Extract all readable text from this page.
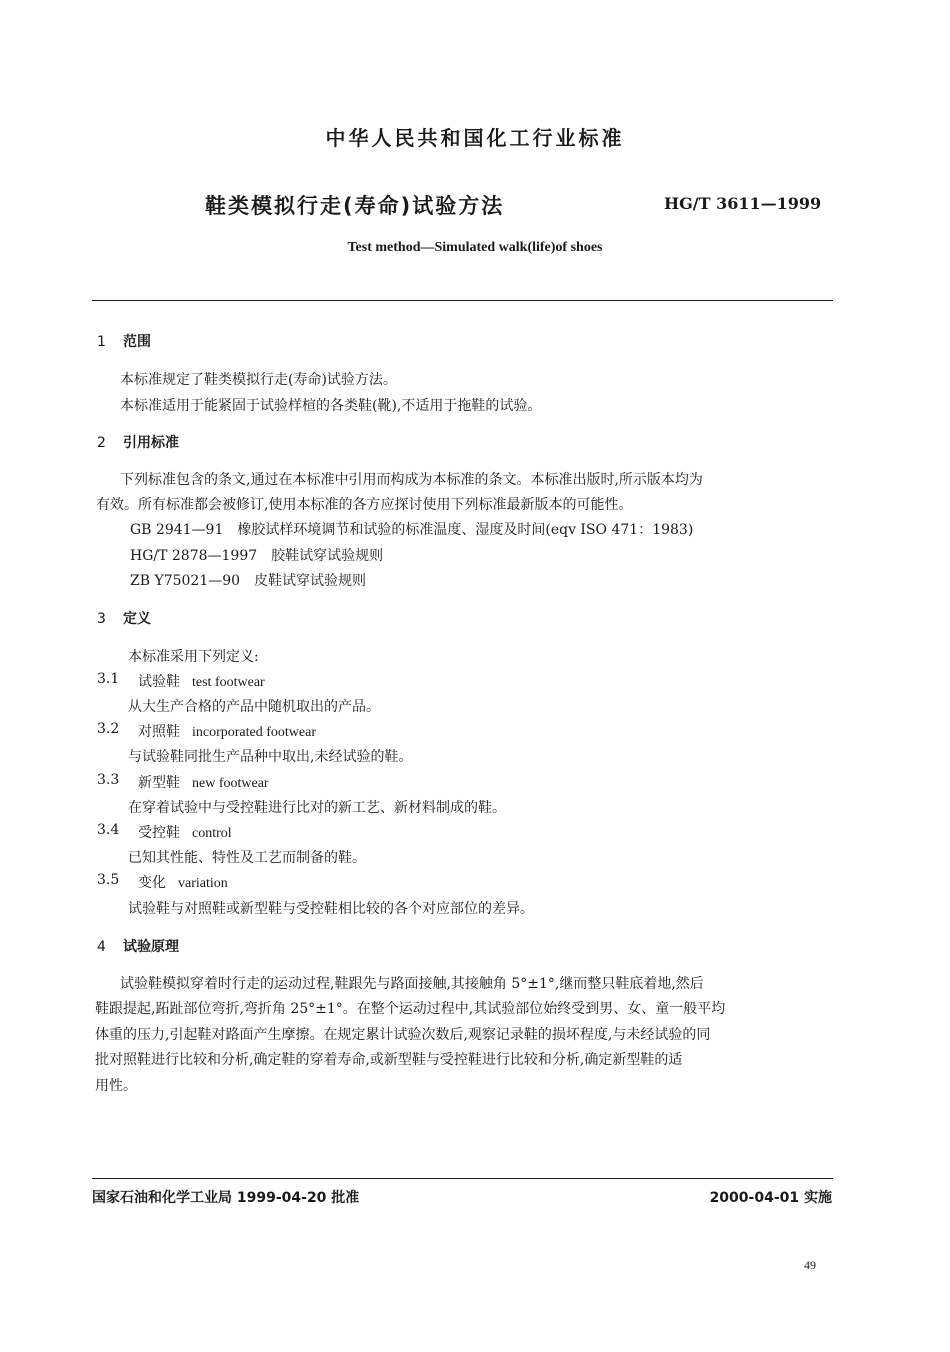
中华人民共和国化工行业标准
鞋类模拟行走(寿命)试验方法	HG/T 3611—1999
Test method—Simulated walk(life)of shoes
1 范围
本标准规定了鞋类模拟行走(寿命)试验方法。
本标准适用于能紧固于试验样楦的各类鞋(靴),不适用于拖鞋的试验。
2 引用标准
下列标准包含的条文,通过在本标准中引用而构成为本标准的条文。本标准出版时,所示版本均为
有效。所有标准都会被修订,使用本标准的各方应探讨使用下列标准最新版本的可能性。
GB 2941—91　橡胶试样环境调节和试验的标准温度、湿度及时间(eqv ISO 471：1983)
HG/T 2878—1997　胶鞋试穿试验规则
ZB Y75021—90　皮鞋试穿试验规则
3 定义
本标准采用下列定义:
3.1 试验鞋 test footwear
从大生产合格的产品中随机取出的产品。
3.2 对照鞋 incorporated footwear
与试验鞋同批生产品种中取出,未经试验的鞋。
3.3 新型鞋 new footwear
在穿着试验中与受控鞋进行比对的新工艺、新材料制成的鞋。
3.4 受控鞋 control
已知其性能、特性及工艺而制备的鞋。
3.5 变化 variation
试验鞋与对照鞋或新型鞋与受控鞋相比较的各个对应部位的差异。
4 试验原理
试验鞋模拟穿着时行走的运动过程,鞋跟先与路面接触,其接触角 5°±1°,继而整只鞋底着地,然后
鞋跟提起,跖趾部位弯折,弯折角 25°±1°。在整个运动过程中,其试验部位始终受到男、女、童一般平均
体重的压力,引起鞋对路面产生摩擦。在规定累计试验次数后,观察记录鞋的损坏程度,与未经试验的同
批对照鞋进行比较和分析,确定鞋的穿着寿命,或新型鞋与受控鞋进行比较和分析,确定新型鞋的适
用性。
国家石油和化学工业局 1999-04-20 批准	2000-04-01 实施
49
